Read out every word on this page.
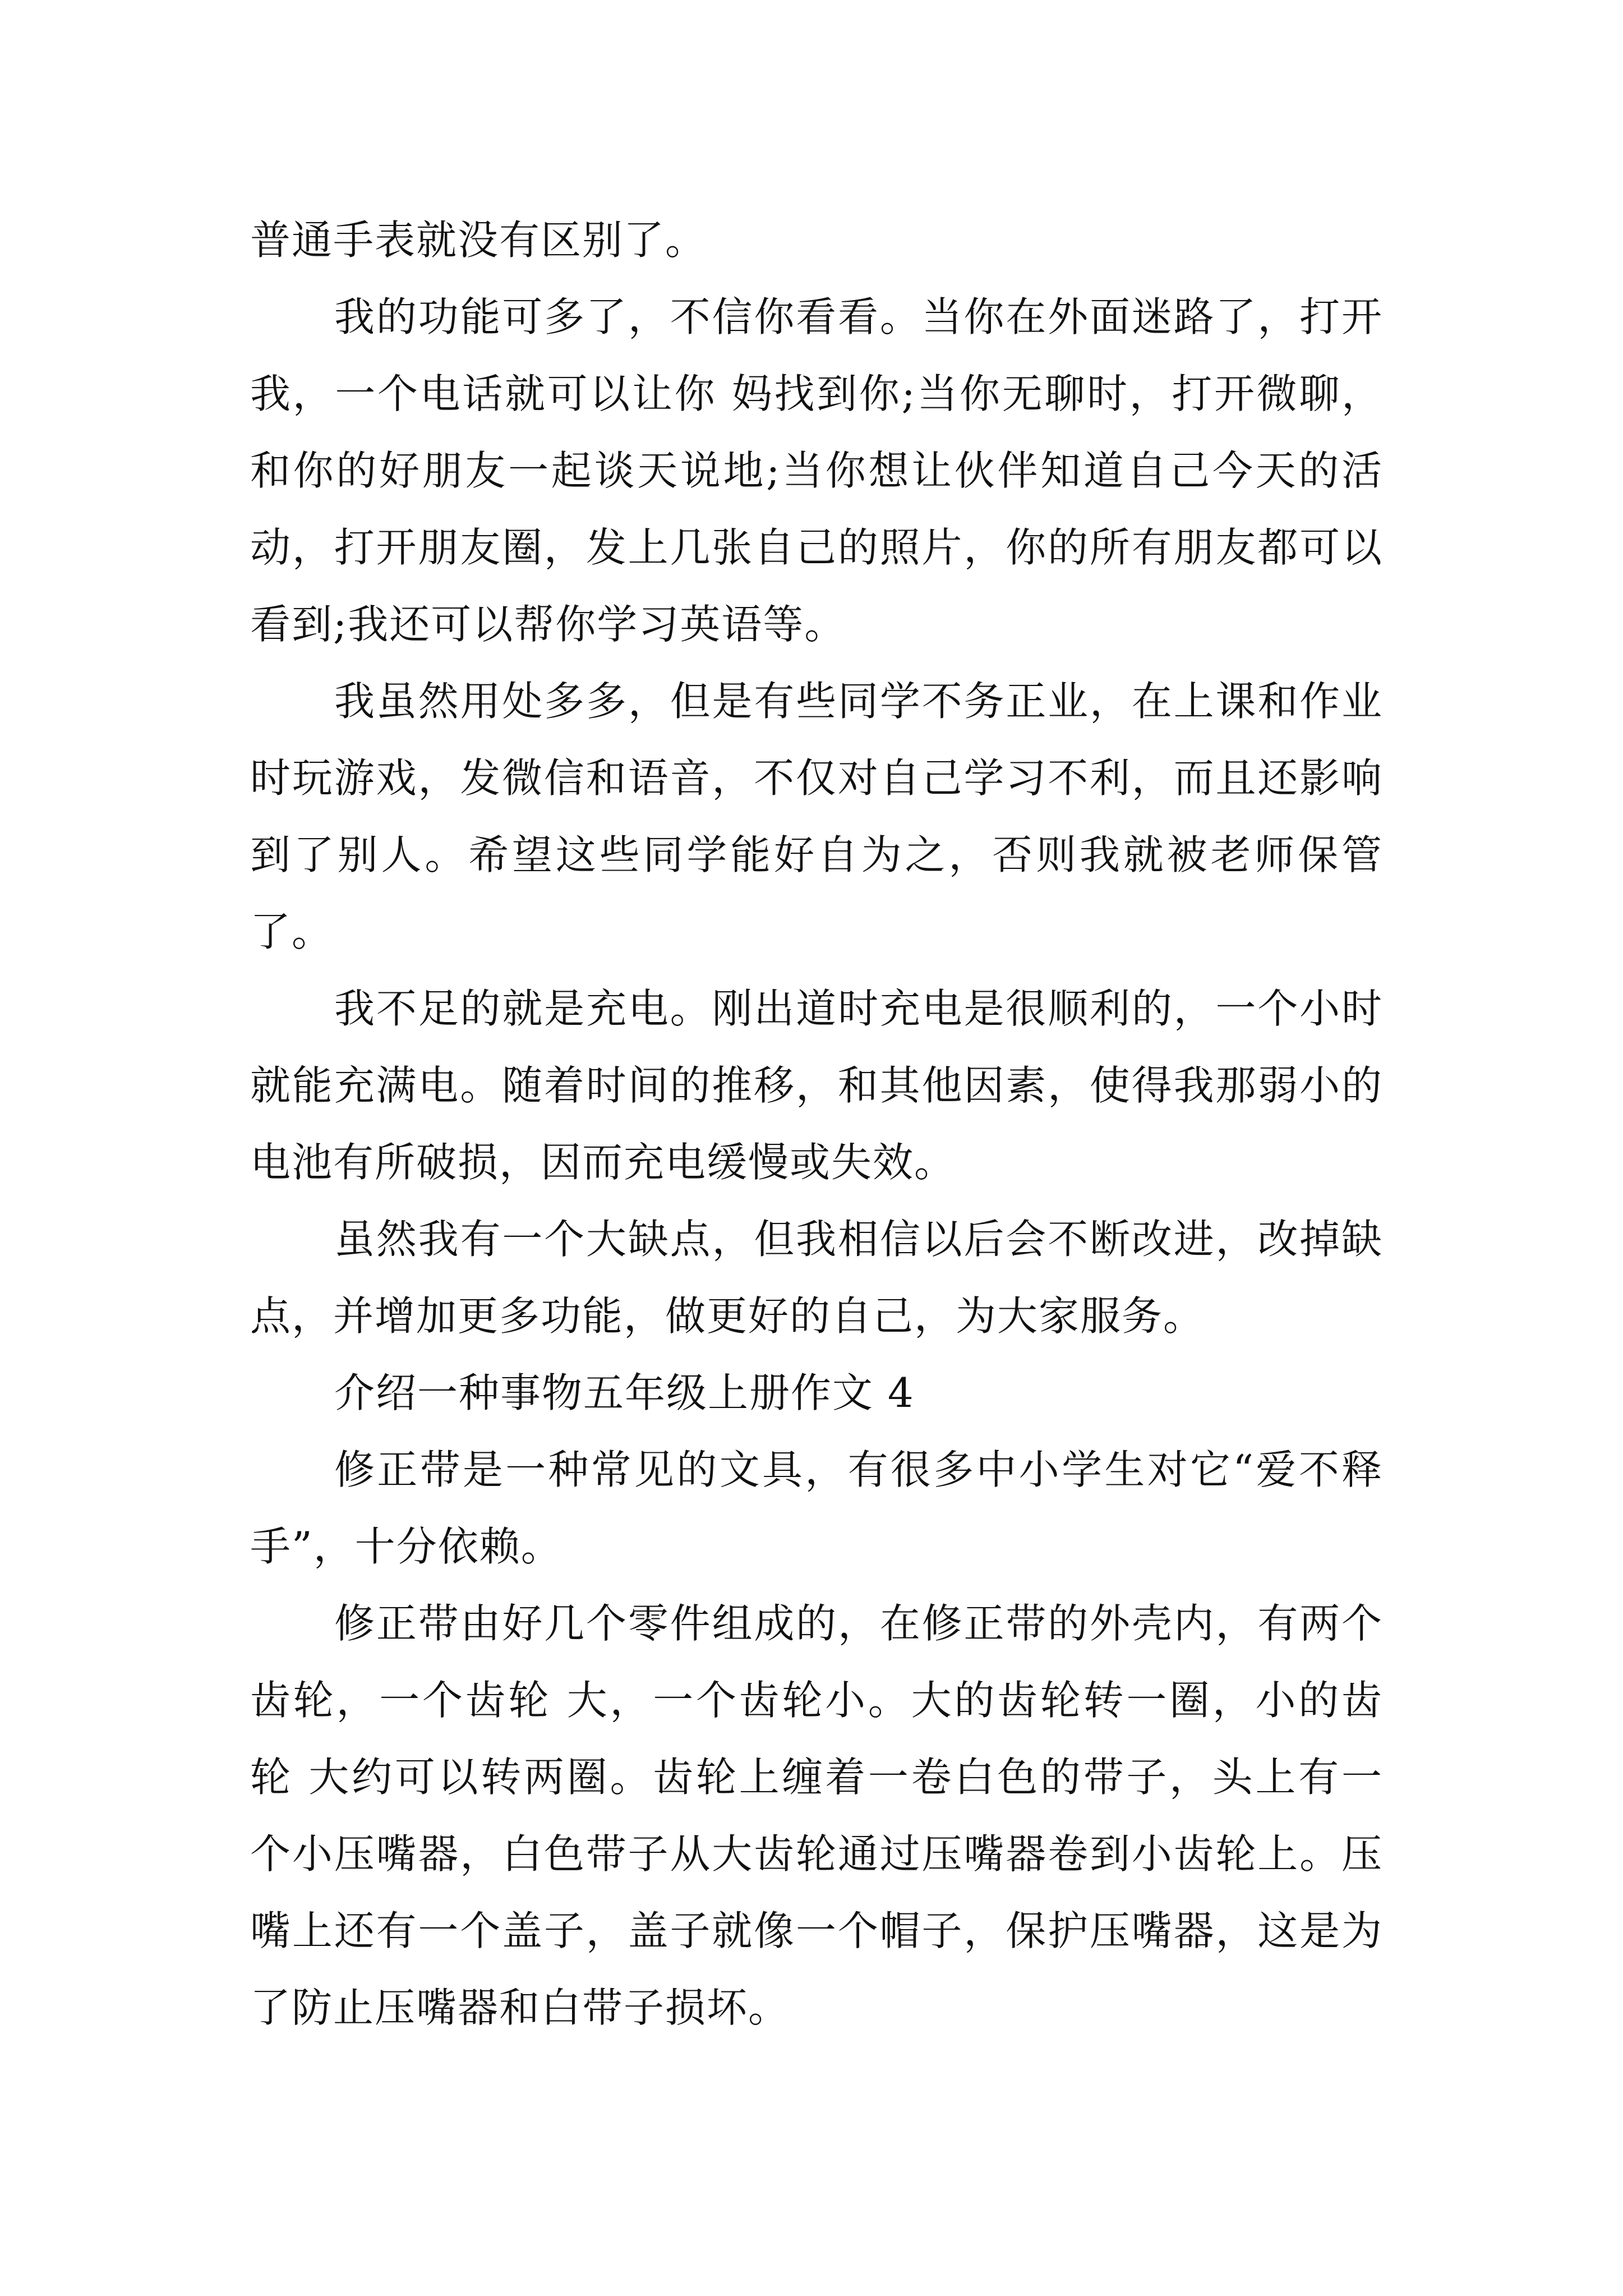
普通手表就没有区别了。

我的功能可多了，不信你看看。当你在外面迷路了，打开我，一个电话就可以让你 妈找到你;当你无聊时，打开微聊，和你的好朋友一起谈天说地;当你想让伙伴知道自己今天的活动，打开朋友圈，发上几张自己的照片，你的所有朋友都可以看到;我还可以帮你学习英语等。

我虽然用处多多，但是有些同学不务正业，在上课和作业时玩游戏，发微信和语音，不仅对自己学习不利，而且还影响到了别人。希望这些同学能好自为之，否则我就被老师保管了。

我不足的就是充电。刚出道时充电是很顺利的，一个小时就能充满电。随着时间的推移，和其他因素，使得我那弱小的电池有所破损，因而充电缓慢或失效。

虽然我有一个大缺点，但我相信以后会不断改进，改掉缺点，并增加更多功能，做更好的自己，为大家服务。

介绍一种事物五年级上册作文 4

修正带是一种常见的文具，有很多中小学生对它“爱不释手”，十分依赖。

修正带由好几个零件组成的，在修正带的外壳内，有两个齿轮，一个齿轮 大，一个齿轮小。大的齿轮转一圈，小的齿轮 大约可以转两圈。齿轮上缠着一卷白色的带子，头上有一个小压嘴器，白色带子从大齿轮通过压嘴器卷到小齿轮上。压嘴上还有一个盖子，盖子就像一个帽子，保护压嘴器，这是为了防止压嘴器和白带子损坏。
